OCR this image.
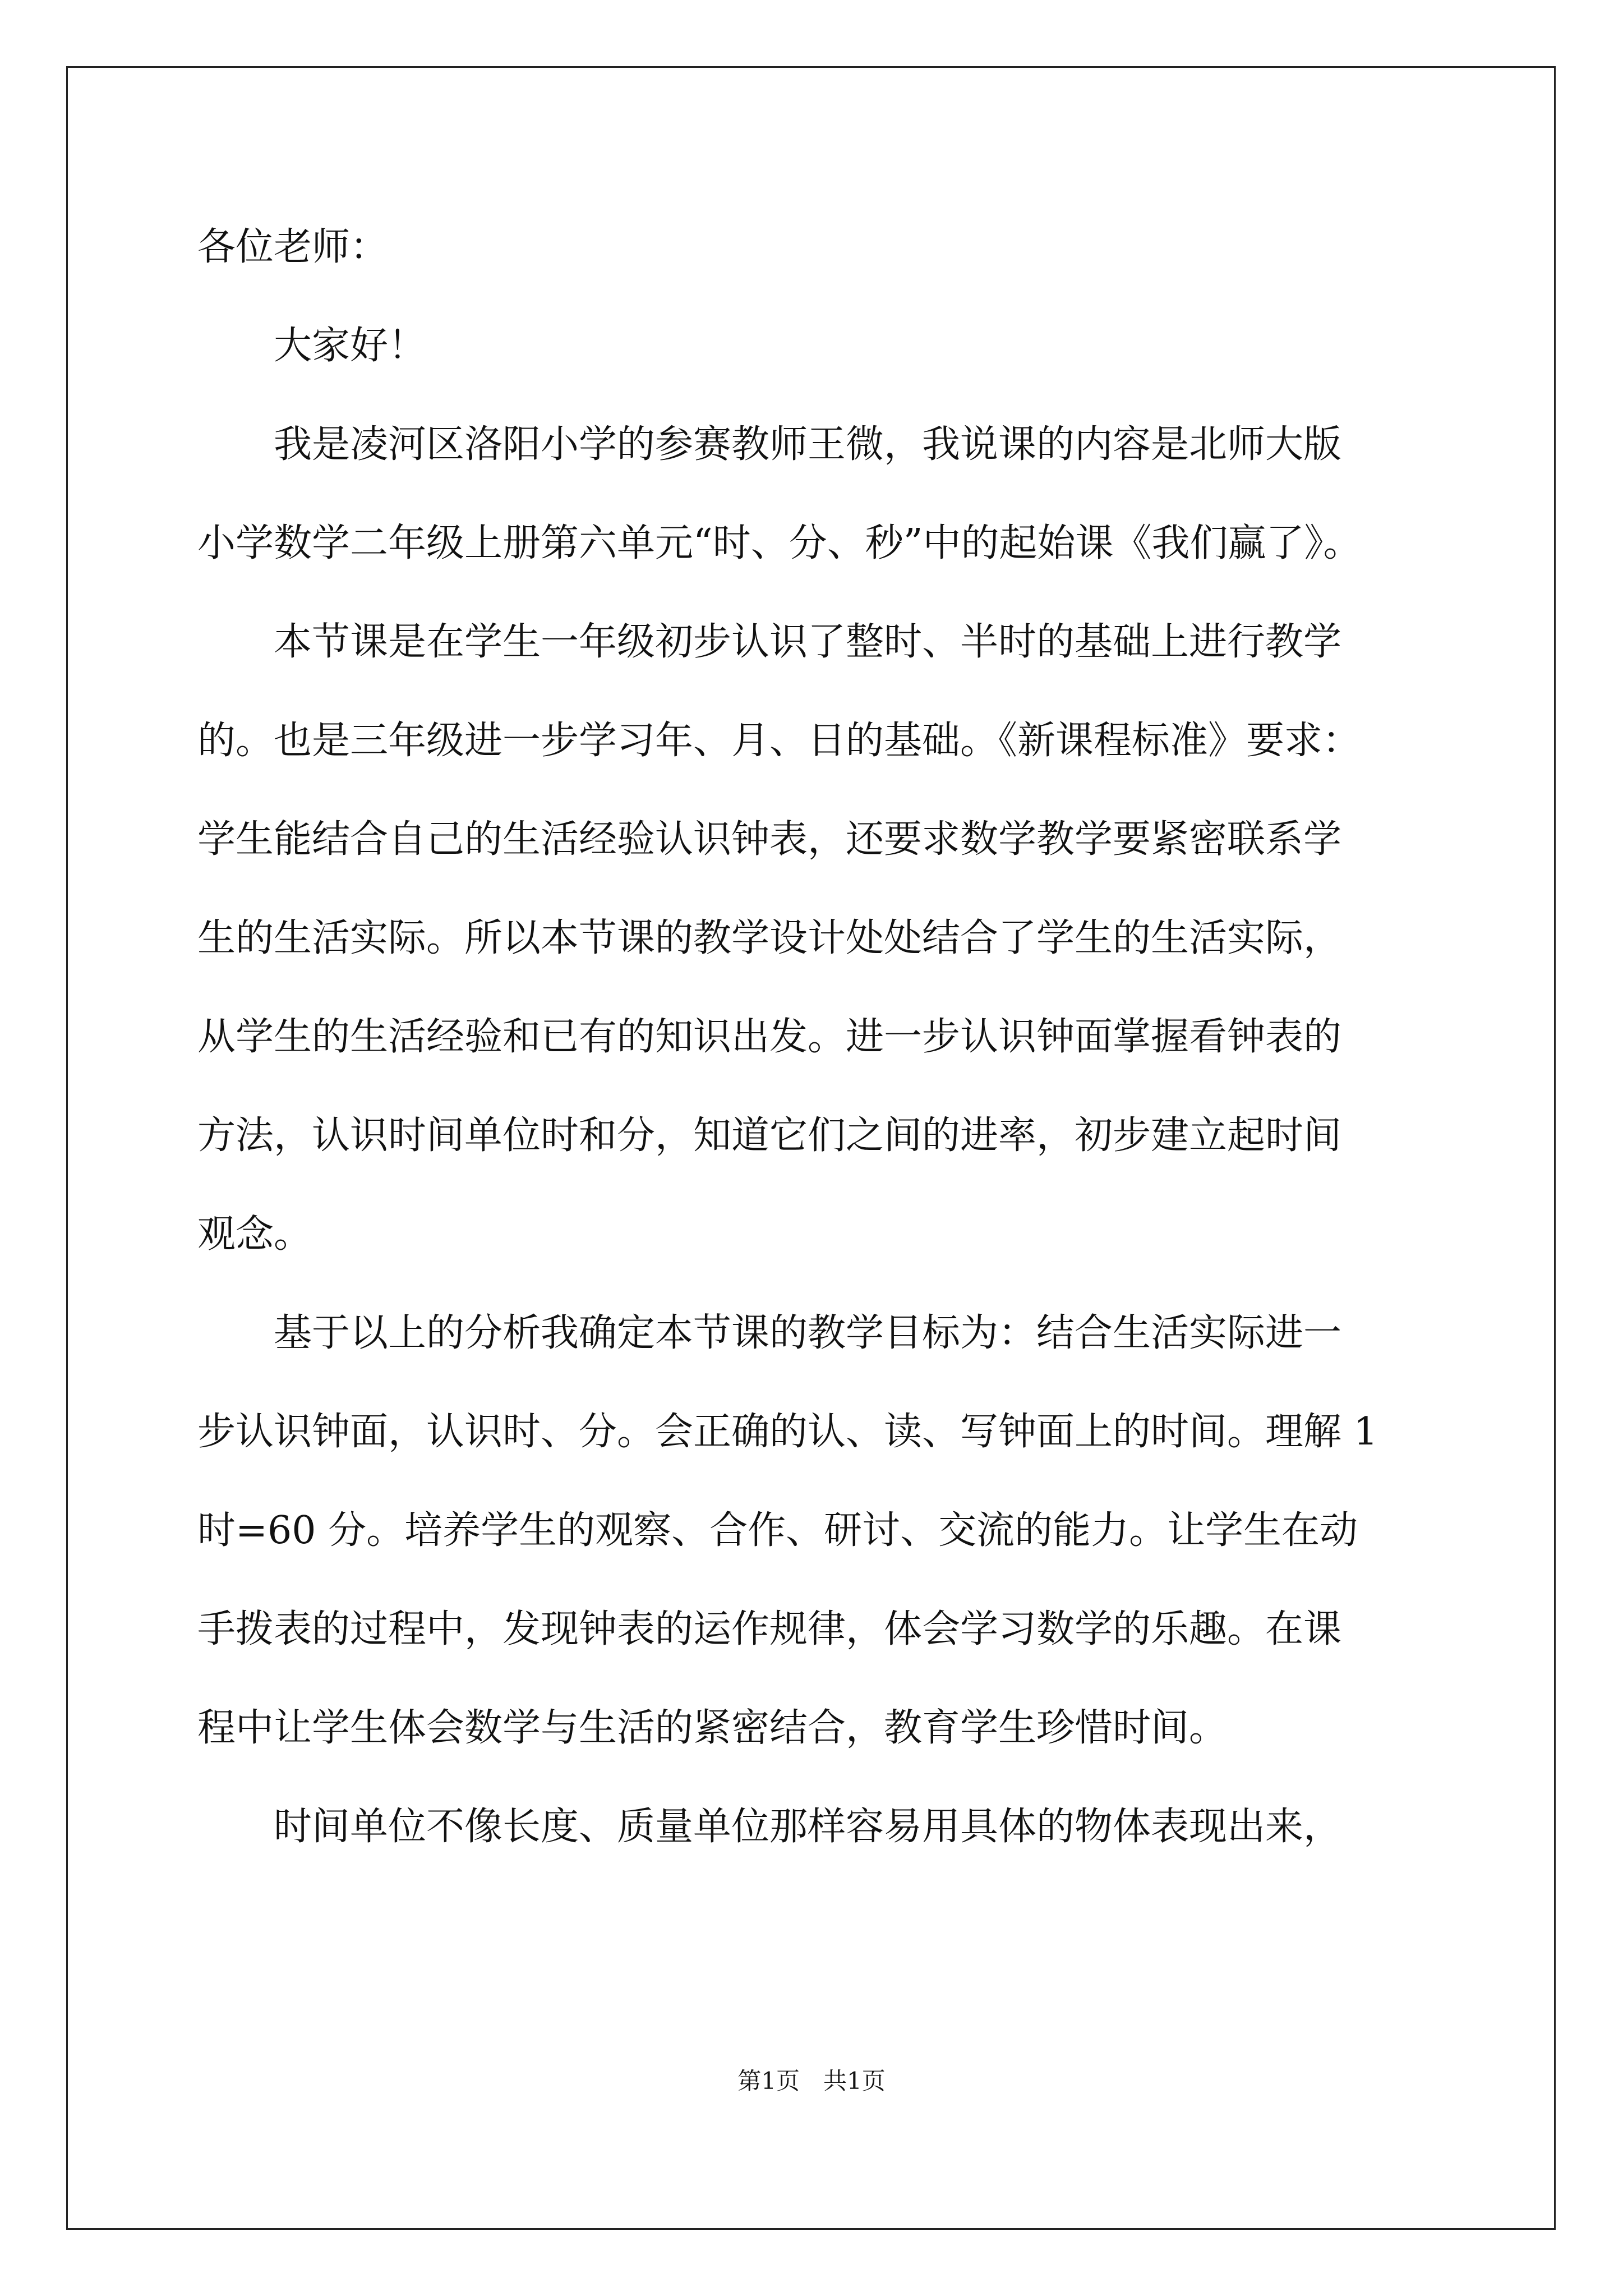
各位老师：
　　大家好！
　　我是凌河区洛阳小学的参赛教师王微，我说课的内容是北师大版
小学数学二年级上册第六单元“时、分、秒”中的起始课《我们赢了》。
　　本节课是在学生一年级初步认识了整时、半时的基础上进行教学
的。也是三年级进一步学习年、月、日的基础。《新课程标准》要求：
学生能结合自己的生活经验认识钟表，还要求数学教学要紧密联系学
生的生活实际。所以本节课的教学设计处处结合了学生的生活实际，
从学生的生活经验和已有的知识出发。进一步认识钟面掌握看钟表的
方法，认识时间单位时和分，知道它们之间的进率，初步建立起时间
观念。
　　基于以上的分析我确定本节课的教学目标为：结合生活实际进一
步认识钟面，认识时、分。会正确的认、读、写钟面上的时间。理解 1
时=60 分。培养学生的观察、合作、研讨、交流的能力。让学生在动
手拨表的过程中，发现钟表的运作规律，体会学习数学的乐趣。在课
程中让学生体会数学与生活的紧密结合，教育学生珍惜时间。
　　时间单位不像长度、质量单位那样容易用具体的物体表现出来，
第1页　共1页
